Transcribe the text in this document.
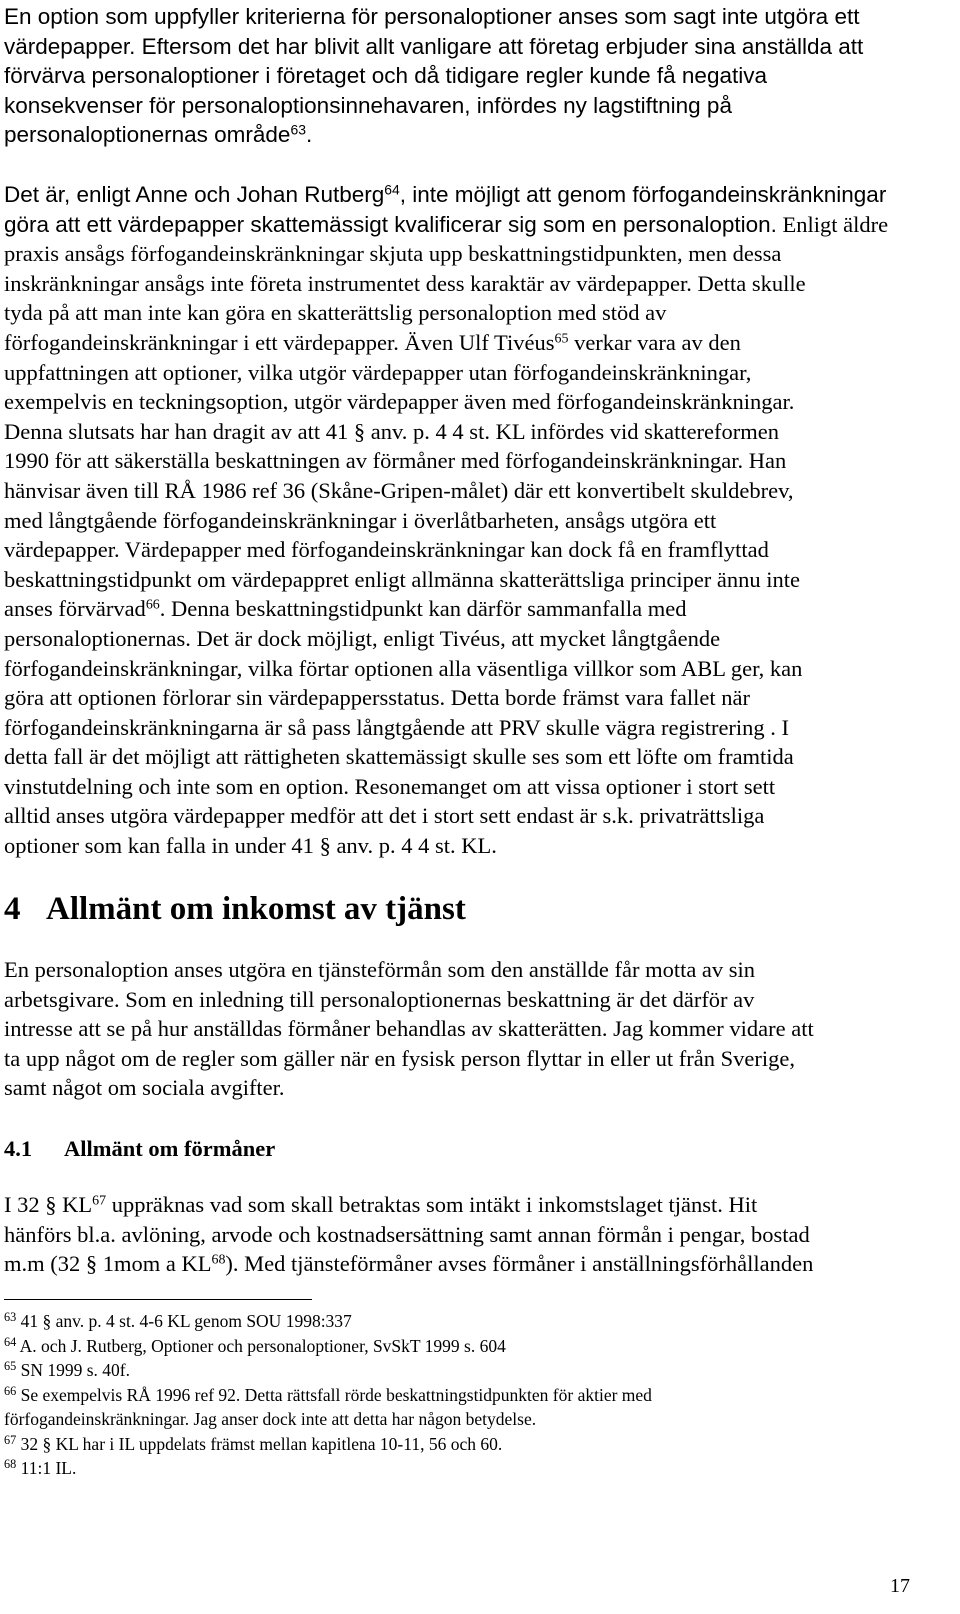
En option som uppfyller kriterierna för personaloptioner anses som sagt inte utgöra ett
värdepapper. Eftersom det har blivit allt vanligare att företag erbjuder sina anställda att
förvärva personaloptioner i företaget och då tidigare regler kunde få negativa
konsekvenser för personaloptionsinnehavaren, infördes ny lagstiftning på
personaloptionernas område$^{63}$.
Det är, enligt Anne och Johan Rutberg$^{64}$, inte möjligt att genom förfogandeinskränkningar
göra att ett värdepapper skattemässigt kvalificerar sig som en personaloption. Enligt äldre
praxis ansågs förfogandeinskränkningar skjuta upp beskattningstidpunkten, men dessa
inskränkningar ansågs inte företa instrumentet dess karaktär av värdepapper. Detta skulle
tyda på att man inte kan göra en skatterättslig personaloption med stöd av
förfogandeinskränkningar i ett värdepapper. Även Ulf Tivéus$^{65}$ verkar vara av den
uppfattningen att optioner, vilka utgör värdepapper utan förfogandeinskränkningar,
exempelvis en teckningsoption, utgör värdepapper även med förfogandeinskränkningar.
Denna slutsats har han dragit av att 41 § anv. p. 4 4 st. KL infördes vid skattereformen
1990 för att säkerställa beskattningen av förmåner med förfogandeinskränkningar. Han
hänvisar även till RÅ 1986 ref 36 (Skåne-Gripen-målet) där ett konvertibelt skuldebrev,
med långtgående förfogandeinskränkningar i överlåtbarheten, ansågs utgöra ett
värdepapper. Värdepapper med förfogandeinskränkningar kan dock få en framflyttad
beskattningstidpunkt om värdepappret enligt allmänna skatterättsliga principer ännu inte
anses förvärvad$^{66}$. Denna beskattningstidpunkt kan därför sammanfalla med
personaloptionernas. Det är dock möjligt, enligt Tivéus, att mycket långtgående
förfogandeinskränkningar, vilka förtar optionen alla väsentliga villkor som ABL ger, kan
göra att optionen förlorar sin värdepappersstatus. Detta borde främst vara fallet när
förfogandeinskränkningarna är så pass långtgående att PRV skulle vägra registrering . I
detta fall är det möjligt att rättigheten skattemässigt skulle ses som ett löfte om framtida
vinstutdelning och inte som en option. Resonemanget om att vissa optioner i stort sett
alltid anses utgöra värdepapper medför att det i stort sett endast är s.k. privaträttsliga
optioner som kan falla in under 41 § anv. p. 4 4 st. KL.
4 Allmänt om inkomst av tjänst
En personaloption anses utgöra en tjänsteförmån som den anställde får motta av sin
arbetsgivare. Som en inledning till personaloptionernas beskattning är det därför av
intresse att se på hur anställdas förmåner behandlas av skatterätten. Jag kommer vidare att
ta upp något om de regler som gäller när en fysisk person flyttar in eller ut från Sverige,
samt något om sociala avgifter.
4.1 Allmänt om förmåner
I 32 § KL$^{67}$ uppräknas vad som skall betraktas som intäkt i inkomstslaget tjänst. Hit
hänförs bl.a. avlöning, arvode och kostnadsersättning samt annan förmån i pengar, bostad
m.m (32 § 1mom a KL$^{68}$). Med tjänsteförmåner avses förmåner i anställningsförhållanden
$^{63}$ 41 § anv. p. 4 st. 4-6 KL genom SOU 1998:337
$^{64}$ A. och J. Rutberg, Optioner och personaloptioner, SvSkT 1999 s. 604
$^{65}$ SN 1999 s. 40f.
$^{66}$ Se exempelvis RÅ 1996 ref 92. Detta rättsfall rörde beskattningstidpunkten för aktier med
förfogandeinskränkningar. Jag anser dock inte att detta har någon betydelse.
$^{67}$ 32 § KL har i IL uppdelats främst mellan kapitlena 10-11, 56 och 60.
$^{68}$ 11:1 IL.
17
